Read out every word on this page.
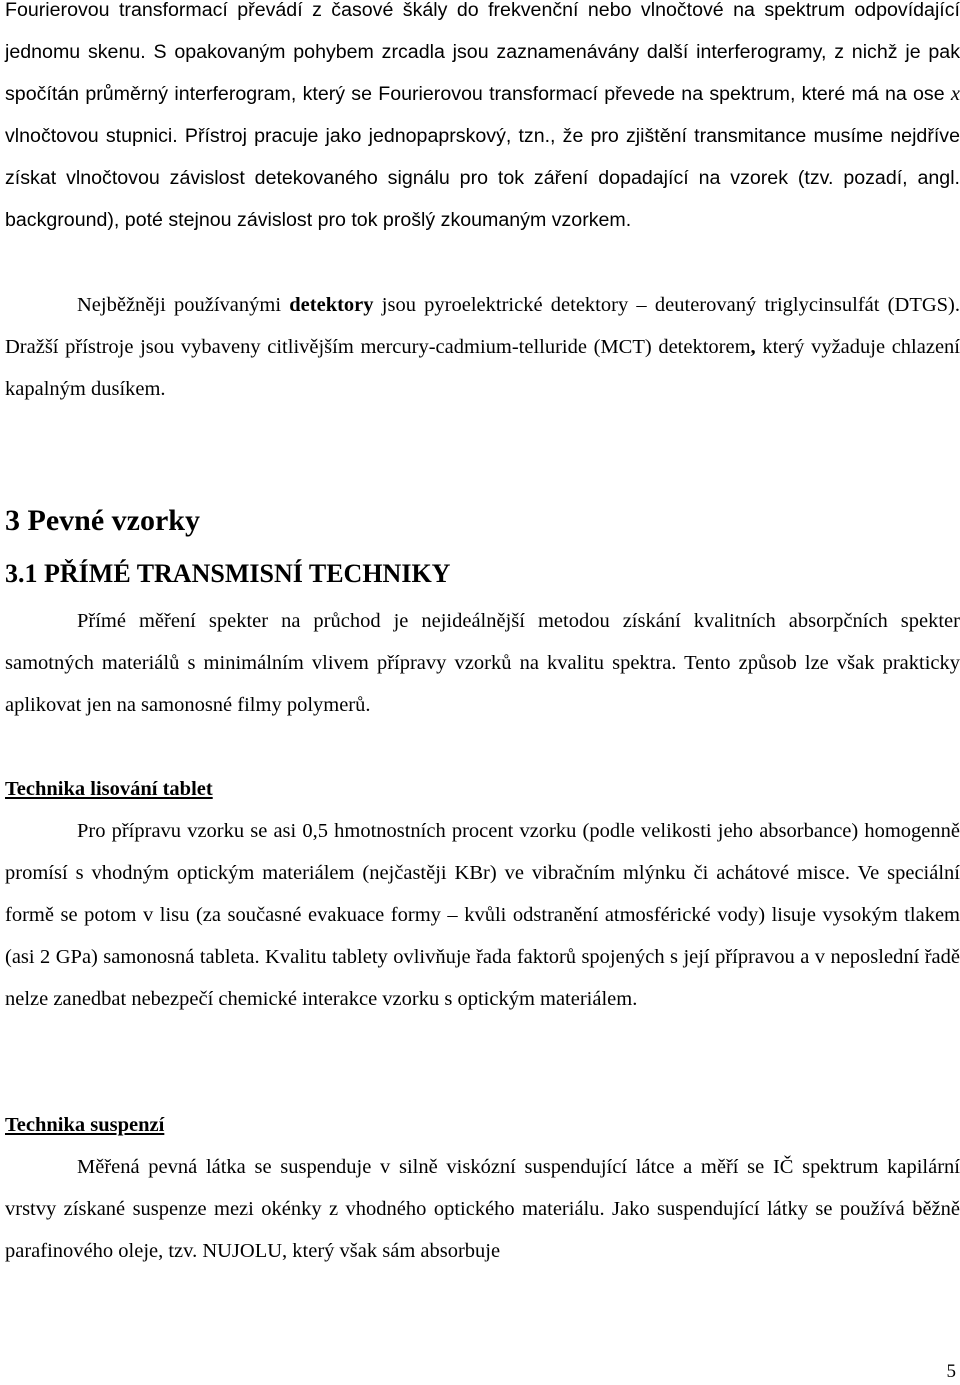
Fourierovou transformací převádí z časové škály do frekvenční nebo vlnočtové na spektrum odpovídající jednomu skenu. S opakovaným pohybem zrcadla jsou zaznamenávány další interferogramy, z nichž je pak spočítán průměrný interferogram, který se Fourierovou transformací převede na spektrum, které má na ose x vlnočtovou stupnici. Přístroj pracuje jako jednopaprskový, tzn., že pro zjištění transmitance musíme nejdříve získat vlnočtovou závislost detekovaného signálu pro tok záření dopadající na vzorek (tzv. pozadí, angl. background), poté stejnou závislost pro tok prošlý zkoumaným vzorkem.

Nejběžněji používanými detektory jsou pyroelektrické detektory – deuterovaný triglycinsulfát (DTGS). Dražší přístroje jsou vybaveny citlivějším mercury-cadmium-telluride (MCT) detektorem, který vyžaduje chlazení kapalným dusíkem.

3 Pevné vzorky
3.1 PŘÍMÉ TRANSMISNÍ TECHNIKY

Přímé měření spekter na průchod je nejideálnější metodou získání kvalitních absorpčních spekter samotných materiálů s minimálním vlivem přípravy vzorků na kvalitu spektra. Tento způsob lze však prakticky aplikovat jen na samonosné filmy polymerů.

Technika lisování tablet

Pro přípravu vzorku se asi 0,5 hmotnostních procent vzorku (podle velikosti jeho absorbance) homogenně promísí s vhodným optickým materiálem (nejčastěji KBr) ve vibračním mlýnku či achátové misce. Ve speciální formě se potom v lisu (za současné evakuace formy – kvůli odstranění atmosférické vody) lisuje vysokým tlakem (asi 2 GPa) samonosná tableta. Kvalitu tablety ovlivňuje řada faktorů spojených s její přípravou a v neposlední řadě nelze zanedbat nebezpečí chemické interakce vzorku s optickým materiálem.

Technika suspenzí

Měřená pevná látka se suspenduje v silně viskózní suspendující látce a měří se IČ spektrum kapilární vrstvy získané suspenze mezi okénky z vhodného optického materiálu. Jako suspendující látky se používá běžně parafinového oleje, tzv. NUJOLU, který však sám absorbuje

5
